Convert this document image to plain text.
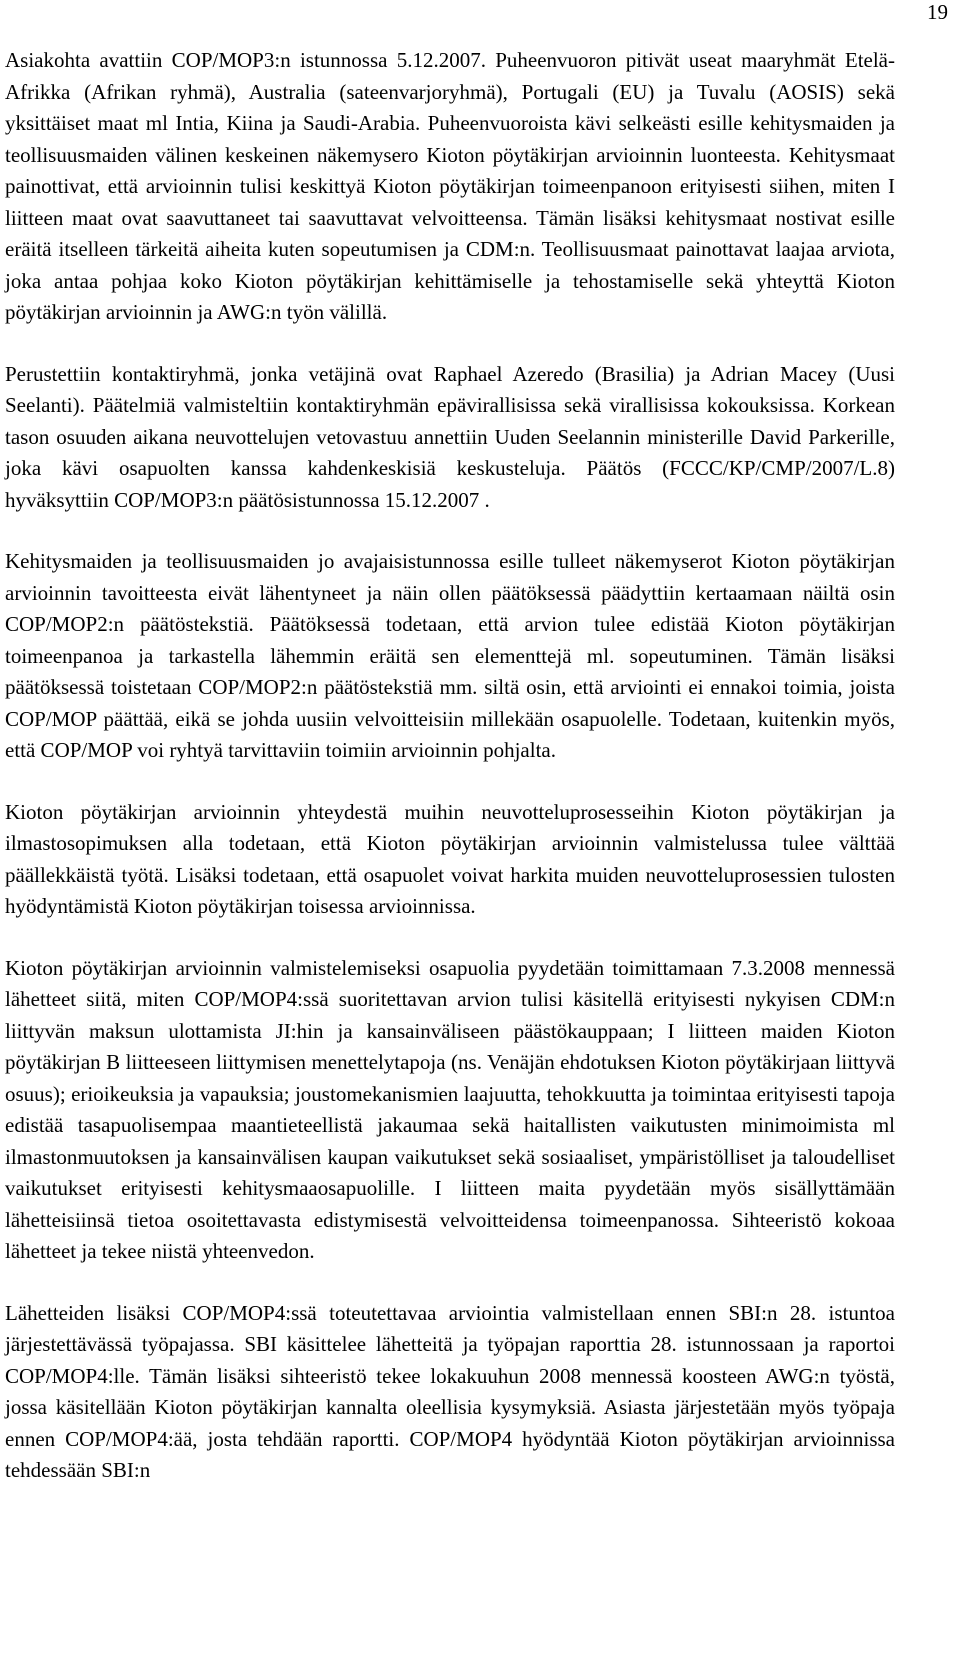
19

Asiakohta avattiin COP/MOP3:n istunnossa 5.12.2007. Puheenvuoron pitivät useat maaryhmät Etelä-Afrikka (Afrikan ryhmä), Australia (sateenvarjoryhmä), Portugali (EU) ja Tuvalu (AOSIS) sekä yksittäiset maat ml Intia, Kiina ja Saudi-Arabia. Puheenvuoroista kävi selkeästi esille kehitysmaiden ja teollisuusmaiden välinen keskeinen näkemysero Kioton pöytäkirjan arvioinnin luonteesta. Kehitysmaat painottivat, että arvioinnin tulisi keskittyä Kioton pöytäkirjan toimeenpanoon erityisesti siihen, miten I liitteen maat ovat saavuttaneet tai saavuttavat velvoitteensa. Tämän lisäksi kehitysmaat nostivat esille eräitä itselleen tärkeitä aiheita kuten sopeutumisen ja CDM:n. Teollisuusmaat painottavat laajaa arviota, joka antaa pohjaa koko Kioton pöytäkirjan kehittämiselle ja tehostamiselle sekä yhteyttä Kioton pöytäkirjan arvioinnin ja AWG:n työn välillä.

Perustettiin kontaktiryhmä, jonka vetäjinä ovat Raphael Azeredo (Brasilia) ja Adrian Macey (Uusi Seelanti). Päätelmiä valmisteltiin kontaktiryhmän epävirallisissa sekä virallisissa kokouksissa. Korkean tason osuuden aikana neuvottelujen vetovastuu annettiin Uuden Seelannin ministerille David Parkerille, joka kävi osapuolten kanssa kahdenkeskisiä keskusteluja. Päätös (FCCC/KP/CMP/2007/L.8) hyväksyttiin COP/MOP3:n päätösistunnossa 15.12.2007 .

Kehitysmaiden ja teollisuusmaiden jo avajaisistunnossa esille tulleet näkemyserot Kioton pöytäkirjan arvioinnin tavoitteesta eivät lähentyneet ja näin ollen päätöksessä päädyttiin kertaamaan näiltä osin COP/MOP2:n päätöstekstiä. Päätöksessä todetaan, että arvion tulee edistää Kioton pöytäkirjan toimeenpanoa ja tarkastella lähemmin eräitä sen elementtejä ml. sopeutuminen. Tämän lisäksi päätöksessä toistetaan COP/MOP2:n päätöstekstiä mm. siltä osin, että arviointi ei ennakoi toimia, joista COP/MOP päättää, eikä se johda uusiin velvoitteisiin millekään osapuolelle. Todetaan, kuitenkin myös, että COP/MOP voi ryhtyä tarvittaviin toimiin arvioinnin pohjalta.

Kioton pöytäkirjan arvioinnin yhteydestä muihin neuvotteluprosesseihin Kioton pöytäkirjan ja ilmastosopimuksen alla todetaan, että Kioton pöytäkirjan arvioinnin valmistelussa tulee välttää päällekkäistä työtä. Lisäksi todetaan, että osapuolet voivat harkita muiden neuvotteluprosessien tulosten hyödyntämistä Kioton pöytäkirjan toisessa arvioinnissa.

Kioton pöytäkirjan arvioinnin valmistelemiseksi osapuolia pyydetään toimittamaan 7.3.2008 mennessä lähetteet siitä, miten COP/MOP4:ssä suoritettavan arvion tulisi käsitellä erityisesti nykyisen CDM:n liittyvän maksun ulottamista JI:hin ja kansainväliseen päästökauppaan; I liitteen maiden Kioton pöytäkirjan B liitteeseen liittymisen menettelytapoja (ns. Venäjän ehdotuksen Kioton pöytäkirjaan liittyvä osuus); erioikeuksia ja vapauksia; joustomekanismien laajuutta, tehokkuutta ja toimintaa erityisesti tapoja edistää tasapuolisempaa maantieteellistä jakaumaa sekä haitallisten vaikutusten minimoimista ml ilmastonmuutoksen ja kansainvälisen kaupan vaikutukset sekä sosiaaliset, ympäristölliset ja taloudelliset vaikutukset erityisesti kehitysmaaosapuolille. I liitteen maita pyydetään myös sisällyttämään lähetteisiinsä tietoa osoitettavasta edistymisestä velvoitteidensa toimeenpanossa. Sihteeristö kokoaa lähetteet ja tekee niistä yhteenvedon.

Lähetteiden lisäksi COP/MOP4:ssä toteutettavaa arviointia valmistellaan ennen SBI:n 28. istuntoa järjestettävässä työpajassa. SBI käsittelee lähetteitä ja työpajan raporttia 28. istunnossaan ja raportoi COP/MOP4:lle. Tämän lisäksi sihteeristö tekee lokakuuhun 2008 mennessä koosteen AWG:n työstä, jossa käsitellään Kioton pöytäkirjan kannalta oleellisia kysymyksiä. Asiasta järjestetään myös työpaja ennen COP/MOP4:ää, josta tehdään raportti. COP/MOP4 hyödyntää Kioton pöytäkirjan arvioinnissa tehdessään SBI:n
